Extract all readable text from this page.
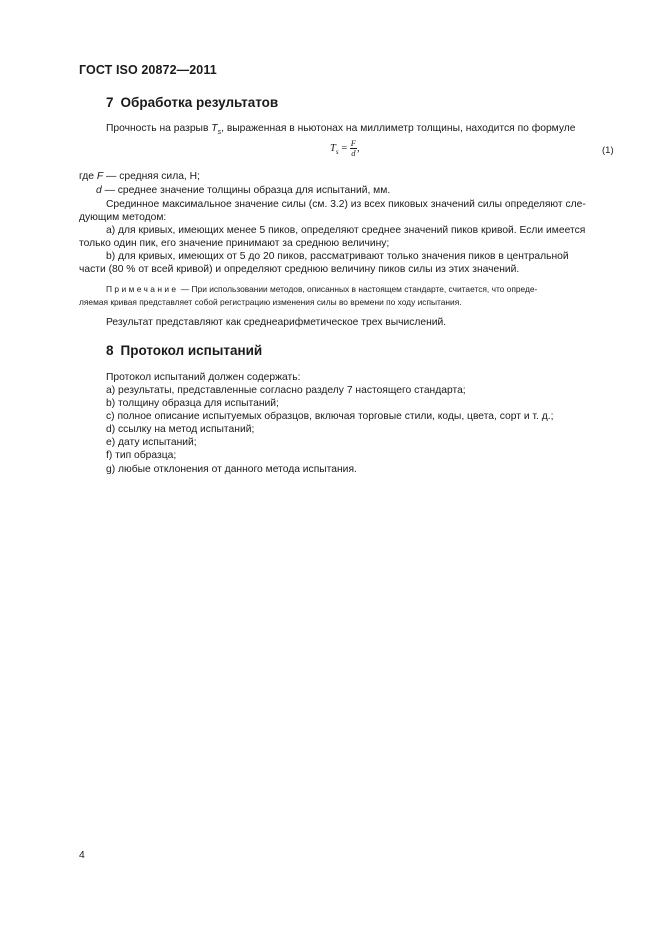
ГОСТ ISO 20872—2011
7 Обработка результатов
Прочность на разрыв $T_s$, выраженная в ньютонах на миллиметр толщины, находится по формуле
$T_s = \frac{F}{d}$ ,	(1)
где F — средняя сила, Н;
d — среднее значение толщины образца для испытаний, мм.
Срединное максимальное значение силы (см. 3.2) из всех пиковых значений силы определяют сле-
дующим методом:
a) для кривых, имеющих менее 5 пиков, определяют среднее значений пиков кривой. Если имеется
только один пик, его значение принимают за среднюю величину;
b) для кривых, имеющих от 5 до 20 пиков, рассматривают только значения пиков в центральной
части (80 % от всей кривой) и определяют среднюю величину пиков силы из этих значений.
Примечание — При использовании методов, описанных в настоящем стандарте, считается, что опреде-
ляемая кривая представляет собой регистрацию изменения силы во времени по ходу испытания.
Результат представляют как среднеарифметическое трех вычислений.
8 Протокол испытаний
Протокол испытаний должен содержать:
a) результаты, представленные согласно разделу 7 настоящего стандарта;
b) толщину образца для испытаний;
c) полное описание испытуемых образцов, включая торговые стили, коды, цвета, сорт и т. д.;
d) ссылку на метод испытаний;
e) дату испытаний;
f) тип образца;
g) любые отклонения от данного метода испытания.
4
